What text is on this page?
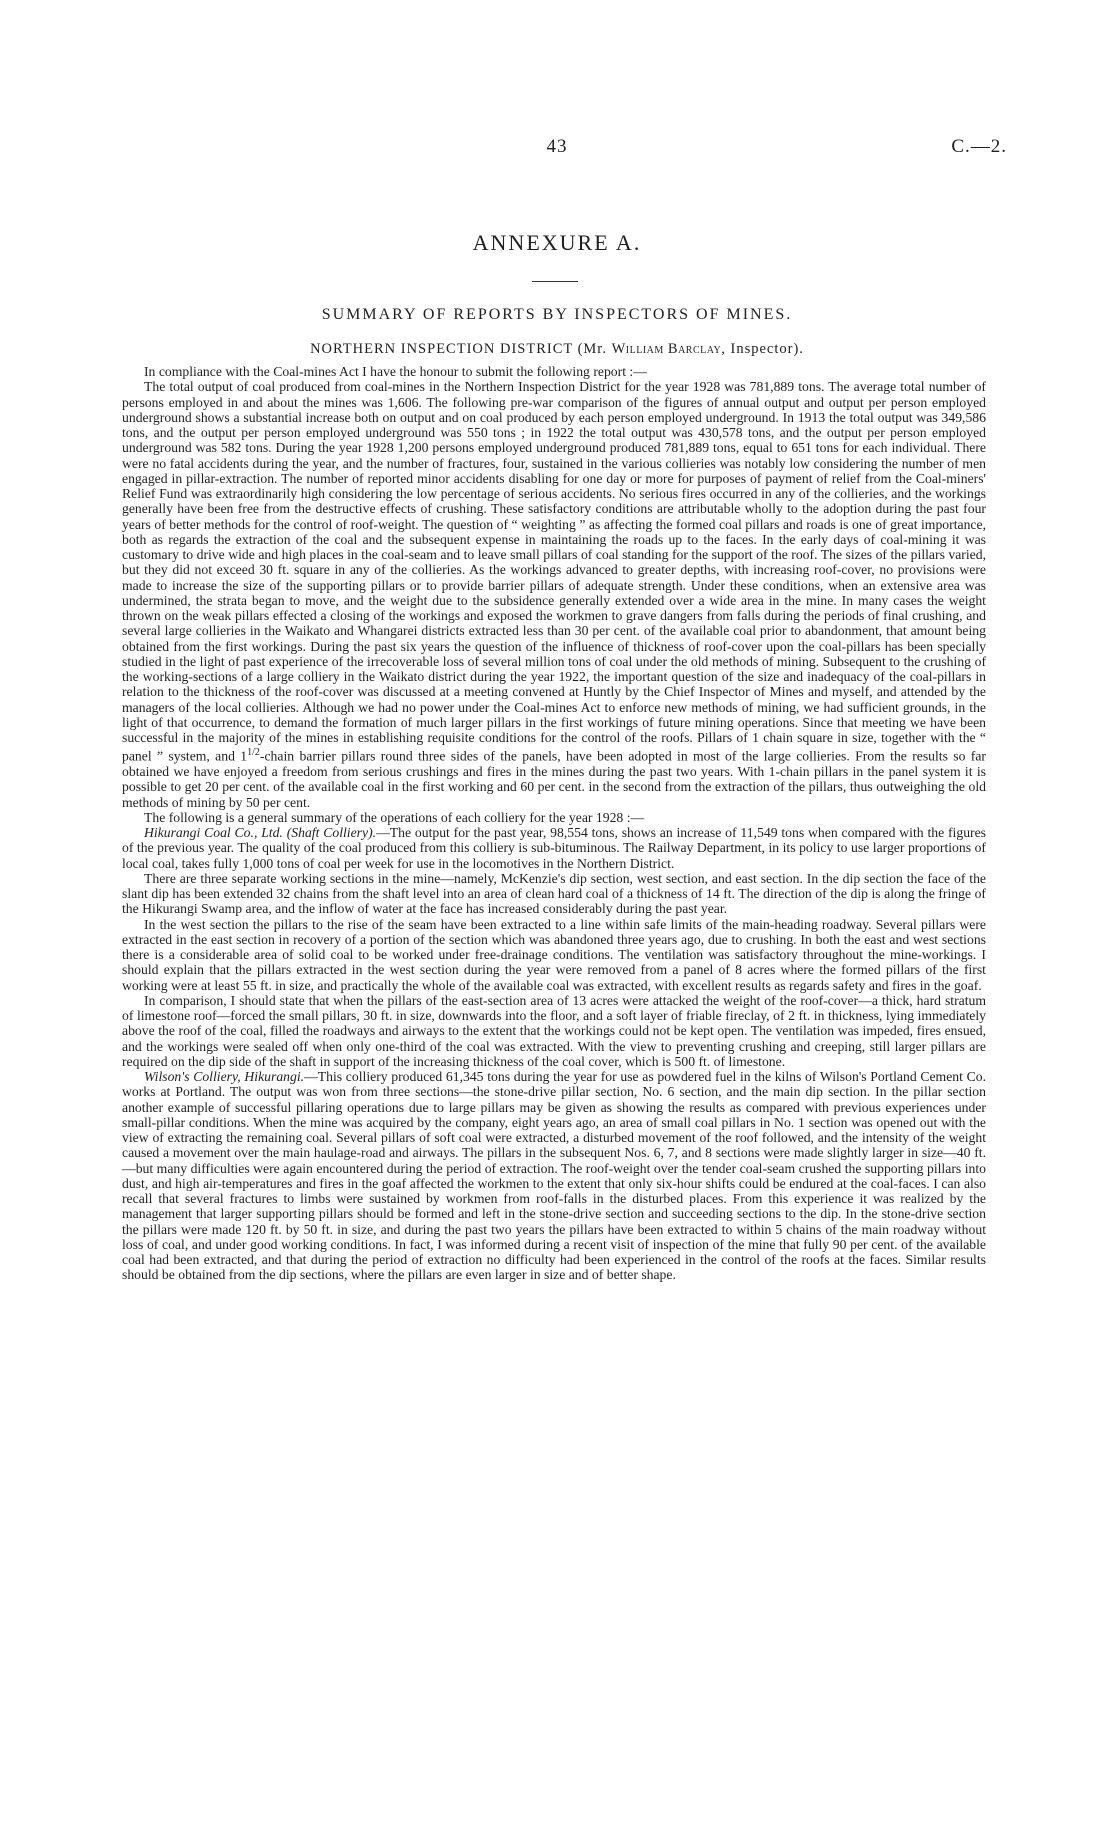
43	C.—2.
ANNEXURE A.
SUMMARY OF REPORTS BY INSPECTORS OF MINES.
NORTHERN INSPECTION DISTRICT (Mr. William Barclay, Inspector).

In compliance with the Coal-mines Act I have the honour to submit the following report :—

The total output of coal produced from coal-mines in the Northern Inspection District for the year 1928 was 781,889 tons. The average total number of persons employed in and about the mines was 1,606. The following pre-war comparison of the figures of annual output and output per person employed underground shows a substantial increase both on output and on coal produced by each person employed underground. In 1913 the total output was 349,586 tons, and the output per person employed underground was 550 tons ; in 1922 the total output was 430,578 tons, and the output per person employed underground was 582 tons. During the year 1928 1,200 persons employed underground produced 781,889 tons, equal to 651 tons for each individual. There were no fatal accidents during the year, and the number of fractures, four, sustained in the various collieries was notably low considering the number of men engaged in pillar-extraction. The number of reported minor accidents disabling for one day or more for purposes of payment of relief from the Coal-miners' Relief Fund was extraordinarily high considering the low percentage of serious accidents. No serious fires occurred in any of the collieries, and the workings generally have been free from the destructive effects of crushing. These satisfactory conditions are attributable wholly to the adoption during the past four years of better methods for the control of roof-weight. The question of “ weighting ” as affecting the formed coal pillars and roads is one of great importance, both as regards the extraction of the coal and the subsequent expense in maintaining the roads up to the faces. In the early days of coal-mining it was customary to drive wide and high places in the coal-seam and to leave small pillars of coal standing for the support of the roof. The sizes of the pillars varied, but they did not exceed 30 ft. square in any of the collieries. As the workings advanced to greater depths, with increasing roof-cover, no provisions were made to increase the size of the supporting pillars or to provide barrier pillars of adequate strength. Under these conditions, when an extensive area was undermined, the strata began to move, and the weight due to the subsidence generally extended over a wide area in the mine. In many cases the weight thrown on the weak pillars effected a closing of the workings and exposed the workmen to grave dangers from falls during the periods of final crushing, and several large collieries in the Waikato and Whangarei districts extracted less than 30 per cent. of the available coal prior to abandonment, that amount being obtained from the first workings. During the past six years the question of the influence of thickness of roof-cover upon the coal-pillars has been specially studied in the light of past experience of the irrecoverable loss of several million tons of coal under the old methods of mining. Subsequent to the crushing of the working-sections of a large colliery in the Waikato district during the year 1922, the important question of the size and inadequacy of the coal-pillars in relation to the thickness of the roof-cover was discussed at a meeting convened at Huntly by the Chief Inspector of Mines and myself, and attended by the managers of the local collieries. Although we had no power under the Coal-mines Act to enforce new methods of mining, we had sufficient grounds, in the light of that occurrence, to demand the formation of much larger pillars in the first workings of future mining operations. Since that meeting we have been successful in the majority of the mines in establishing requisite conditions for the control of the roofs. Pillars of 1 chain square in size, together with the “ panel ” system, and $1^{1/2}$-chain barrier pillars round three sides of the panels, have been adopted in most of the large collieries. From the results so far obtained we have enjoyed a freedom from serious crushings and fires in the mines during the past two years. With 1-chain pillars in the panel system it is possible to get 20 per cent. of the available coal in the first working and 60 per cent. in the second from the extraction of the pillars, thus outweighing the old methods of mining by 50 per cent.

The following is a general summary of the operations of each colliery for the year 1928 :—

Hikurangi Coal Co., Ltd. (Shaft Colliery).—The output for the past year, 98,554 tons, shows an increase of 11,549 tons when compared with the figures of the previous year. The quality of the coal produced from this colliery is sub-bituminous. The Railway Department, in its policy to use larger proportions of local coal, takes fully 1,000 tons of coal per week for use in the locomotives in the Northern District.

There are three separate working sections in the mine—namely, McKenzie's dip section, west section, and east section. In the dip section the face of the slant dip has been extended 32 chains from the shaft level into an area of clean hard coal of a thickness of 14 ft. The direction of the dip is along the fringe of the Hikurangi Swamp area, and the inflow of water at the face has increased considerably during the past year.

In the west section the pillars to the rise of the seam have been extracted to a line within safe limits of the main-heading roadway. Several pillars were extracted in the east section in recovery of a portion of the section which was abandoned three years ago, due to crushing. In both the east and west sections there is a considerable area of solid coal to be worked under free-drainage conditions. The ventilation was satisfactory throughout the mine-workings. I should explain that the pillars extracted in the west section during the year were removed from a panel of 8 acres where the formed pillars of the first working were at least 55 ft. in size, and practically the whole of the available coal was extracted, with excellent results as regards safety and fires in the goaf.

In comparison, I should state that when the pillars of the east-section area of 13 acres were attacked the weight of the roof-cover—a thick, hard stratum of limestone roof—forced the small pillars, 30 ft. in size, downwards into the floor, and a soft layer of friable fireclay, of 2 ft. in thickness, lying immediately above the roof of the coal, filled the roadways and airways to the extent that the workings could not be kept open. The ventilation was impeded, fires ensued, and the workings were sealed off when only one-third of the coal was extracted. With the view to preventing crushing and creeping, still larger pillars are required on the dip side of the shaft in support of the increasing thickness of the coal cover, which is 500 ft. of limestone.

Wilson's Colliery, Hikurangi.—This colliery produced 61,345 tons during the year for use as powdered fuel in the kilns of Wilson's Portland Cement Co. works at Portland. The output was won from three sections—the stone-drive pillar section, No. 6 section, and the main dip section. In the pillar section another example of successful pillaring operations due to large pillars may be given as showing the results as compared with previous experiences under small-pillar conditions. When the mine was acquired by the company, eight years ago, an area of small coal pillars in No. 1 section was opened out with the view of extracting the remaining coal. Several pillars of soft coal were extracted, a disturbed movement of the roof followed, and the intensity of the weight caused a movement over the main haulage-road and airways. The pillars in the subsequent Nos. 6, 7, and 8 sections were made slightly larger in size—40 ft.—but many difficulties were again encountered during the period of extraction. The roof-weight over the tender coal-seam crushed the supporting pillars into dust, and high air-temperatures and fires in the goaf affected the workmen to the extent that only six-hour shifts could be endured at the coal-faces. I can also recall that several fractures to limbs were sustained by workmen from roof-falls in the disturbed places. From this experience it was realized by the management that larger supporting pillars should be formed and left in the stone-drive section and succeeding sections to the dip. In the stone-drive section the pillars were made 120 ft. by 50 ft. in size, and during the past two years the pillars have been extracted to within 5 chains of the main roadway without loss of coal, and under good working conditions. In fact, I was informed during a recent visit of inspection of the mine that fully 90 per cent. of the available coal had been extracted, and that during the period of extraction no difficulty had been experienced in the control of the roofs at the faces. Similar results should be obtained from the dip sections, where the pillars are even larger in size and of better shape.
